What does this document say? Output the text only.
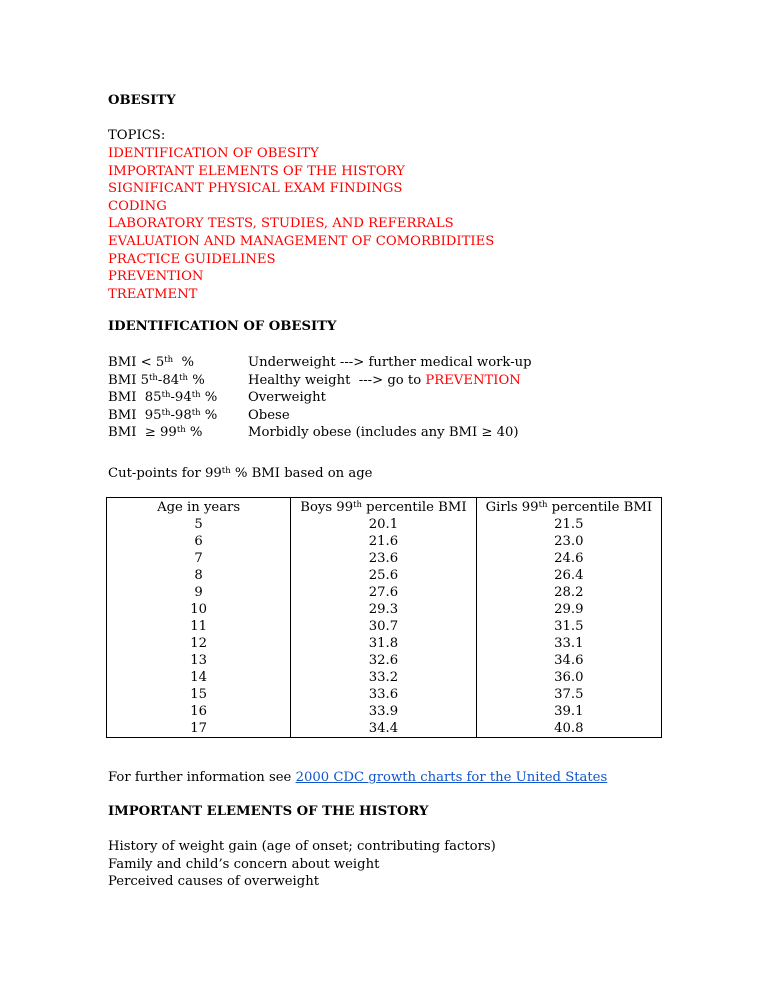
OBESITY
TOPICS:
IDENTIFICATION OF OBESITY
IMPORTANT ELEMENTS OF THE HISTORY
SIGNIFICANT PHYSICAL EXAM FINDINGS
CODING
LABORATORY TESTS, STUDIES, AND REFERRALS
EVALUATION AND MANAGEMENT OF COMORBIDITIES
PRACTICE GUIDELINES
PREVENTION
TREATMENT
IDENTIFICATION OF OBESITY
BMI < 5th  %	Underweight ---> further medical work-up
BMI 5th-84th %	Healthy weight  ---> go to PREVENTION
BMI  85th-94th % Overweight
BMI  95th-98th % Obese
BMI  ≥ 99th %	Morbidly obese (includes any BMI ≥ 40)
Cut-points for 99th % BMI based on age
Age in years	Boys 99th percentile BMI	Girls 99th percentile BMI
5	20.1	21.5
6	21.6	23.0
7	23.6	24.6
8	25.6	26.4
9	27.6	28.2
10	29.3	29.9
11	30.7	31.5
12	31.8	33.1
13	32.6	34.6
14	33.2	36.0
15	33.6	37.5
16	33.9	39.1
17	34.4	40.8
For further information see 2000 CDC growth charts for the United States
IMPORTANT ELEMENTS OF THE HISTORY
History of weight gain (age of onset; contributing factors)
Family and child’s concern about weight
Perceived causes of overweight
